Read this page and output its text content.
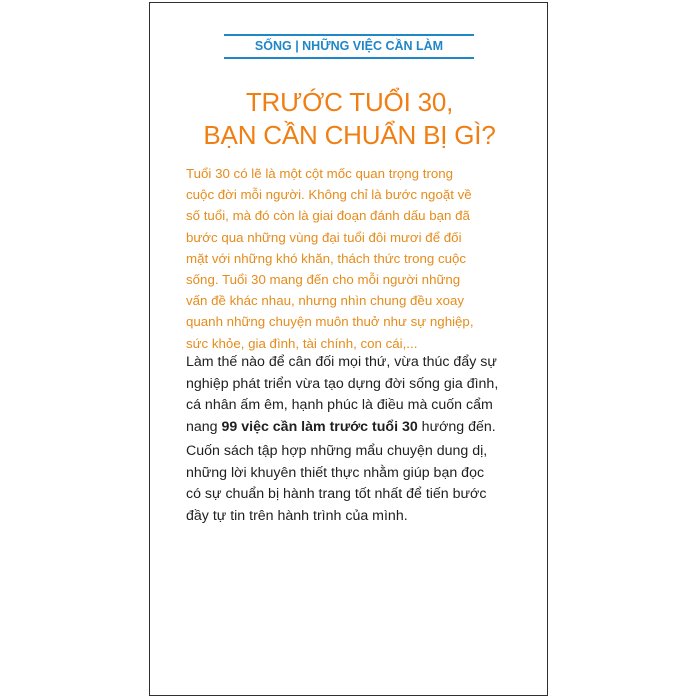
SỐNG | NHỮNG VIỆC CẦN LÀM
TRƯỚC TUỔI 30,
BẠN CẦN CHUẨN BỊ GÌ?
Tuổi 30 có lẽ là một cột mốc quan trọng trong
cuộc đời mỗi người. Không chỉ là bước ngoặt về
số tuổi, mà đó còn là giai đoạn đánh dấu bạn đã
bước qua những vùng đại tuổi đôi mươi để đối
mặt với những khó khăn, thách thức trong cuộc
sống. Tuổi 30 mang đến cho mỗi người những
vấn đề khác nhau, nhưng nhìn chung đều xoay
quanh những chuyện muôn thuở như sự nghiệp,
sức khỏe, gia đình, tài chính, con cái,...
Làm thế nào để cân đối mọi thứ, vừa thúc đẩy sự
nghiệp phát triển vừa tạo dựng đời sống gia đình,
cá nhân ấm êm, hạnh phúc là điều mà cuốn cẩm
nang 99 việc cần làm trước tuổi 30 hướng đến.
Cuốn sách tập hợp những mẩu chuyện dung dị,
những lời khuyên thiết thực nhằm giúp bạn đọc
có sự chuẩn bị hành trang tốt nhất để tiến bước
đầy tự tin trên hành trình của mình.
